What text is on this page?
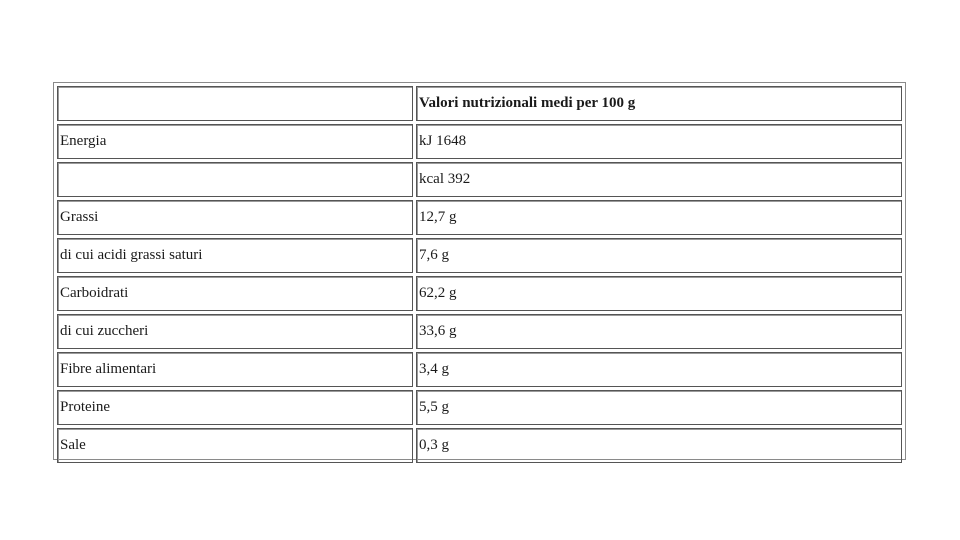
	Valori nutrizionali medi per 100 g
Energia	kJ 1648
	kcal 392
Grassi	12,7 g
di cui acidi grassi saturi	7,6 g
Carboidrati	62,2 g
di cui zuccheri	33,6 g
Fibre alimentari	3,4 g
Proteine	5,5 g
Sale	0,3 g
